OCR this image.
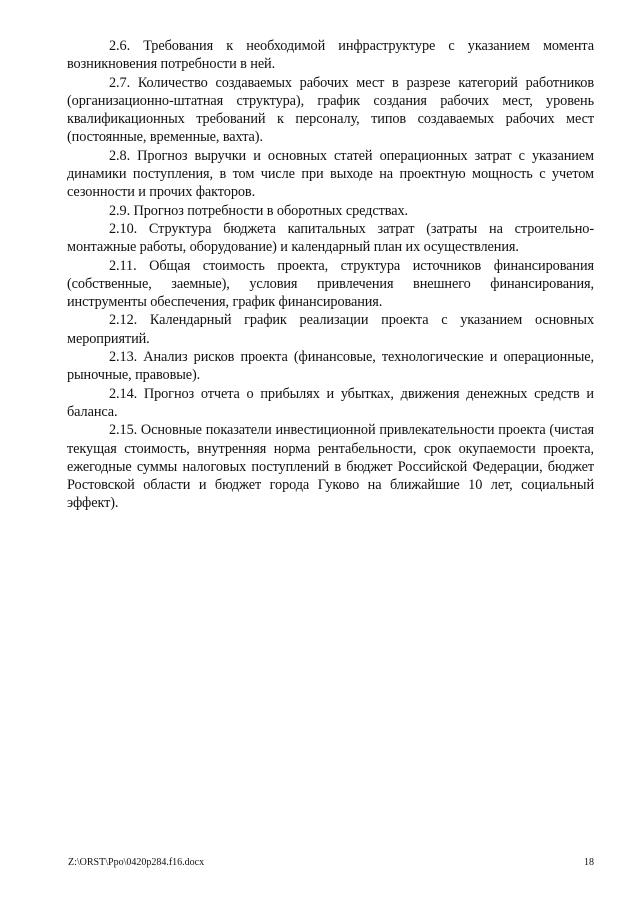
2.6. Требования к необходимой инфраструктуре с указанием момента возникновения потребности в ней.

2.7. Количество создаваемых рабочих мест в разрезе категорий работников (организационно-штатная структура), график создания рабочих мест, уровень квалификационных требований к персоналу, типов создаваемых рабочих мест (постоянные, временные, вахта).

2.8. Прогноз выручки и основных статей операционных затрат с указанием динамики поступления, в том числе при выходе на проектную мощность с учетом сезонности и прочих факторов.

2.9. Прогноз потребности в оборотных средствах.

2.10. Структура бюджета капитальных затрат (затраты на строительно-монтажные работы, оборудование) и календарный план их осуществления.

2.11. Общая стоимость проекта, структура источников финансирования (собственные, заемные), условия привлечения внешнего финансирования, инструменты обеспечения, график финансирования.

2.12. Календарный график реализации проекта с указанием основных мероприятий.

2.13. Анализ рисков проекта (финансовые, технологические и операционные, рыночные, правовые).

2.14. Прогноз отчета о прибылях и убытках, движения денежных средств и баланса.

2.15. Основные показатели инвестиционной привлекательности проекта (чистая текущая стоимость, внутренняя норма рентабельности, срок окупаемости проекта, ежегодные суммы налоговых поступлений в бюджет Российской Федерации, бюджет Ростовской области и бюджет города Гуково на ближайшие 10 лет, социальный эффект).

Z:\ORST\Ppo\0420p284.f16.docx	18
